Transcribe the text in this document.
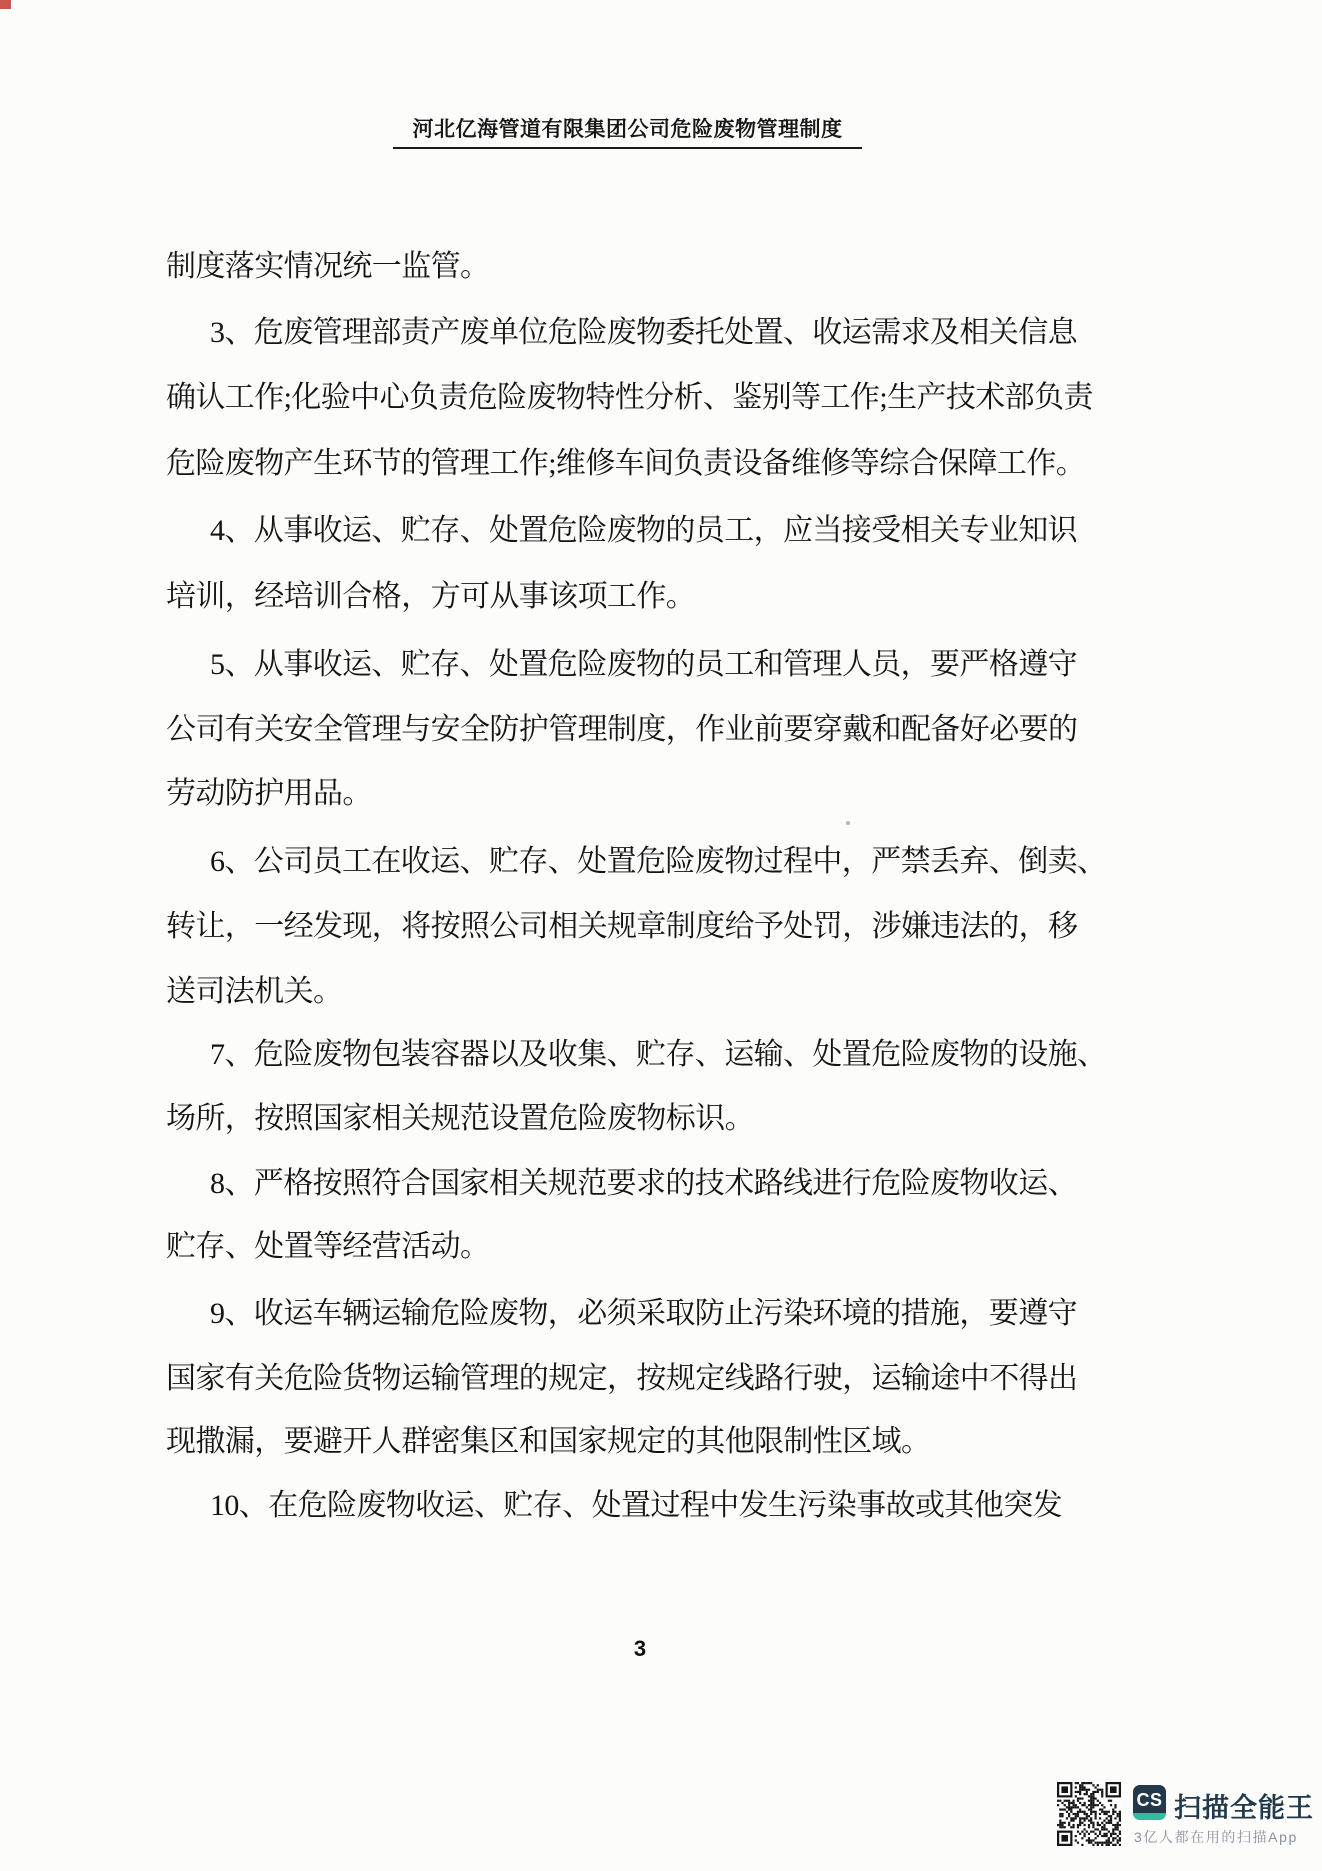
河北亿海管道有限集团公司危险废物管理制度
制度落实情况统一监管。
3、危废管理部责产废单位危险废物委托处置、收运需求及相关信息
确认工作;化验中心负责危险废物特性分析、鉴别等工作;生产技术部负责
危险废物产生环节的管理工作;维修车间负责设备维修等综合保障工作。
4、从事收运、贮存、处置危险废物的员工，应当接受相关专业知识
培训，经培训合格，方可从事该项工作。
5、从事收运、贮存、处置危险废物的员工和管理人员，要严格遵守
公司有关安全管理与安全防护管理制度，作业前要穿戴和配备好必要的
劳动防护用品。
6、公司员工在收运、贮存、处置危险废物过程中，严禁丢弃、倒卖、
转让，一经发现，将按照公司相关规章制度给予处罚，涉嫌违法的，移
送司法机关。
7、危险废物包装容器以及收集、贮存、运输、处置危险废物的设施、
场所，按照国家相关规范设置危险废物标识。
8、严格按照符合国家相关规范要求的技术路线进行危险废物收运、
贮存、处置等经营活动。
9、收运车辆运输危险废物，必须采取防止污染环境的措施，要遵守
国家有关危险货物运输管理的规定，按规定线路行驶，运输途中不得出
现撒漏，要避开人群密集区和国家规定的其他限制性区域。
10、在危险废物收运、贮存、处置过程中发生污染事故或其他突发
3
CS 扫描全能王
3亿人都在用的扫描App
